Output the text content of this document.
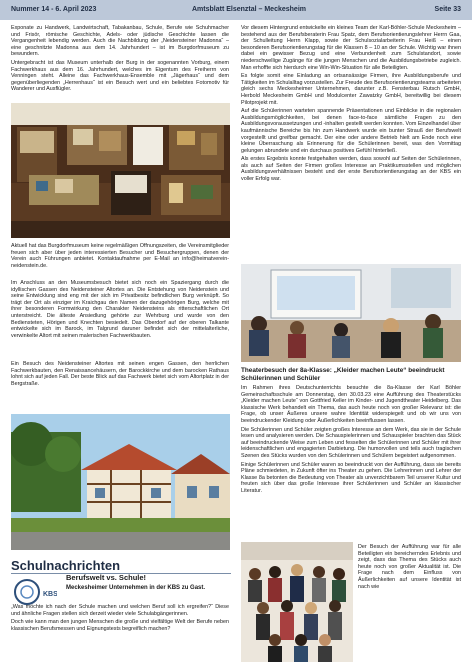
Nummer 14 - 6. April 2023	Amtsblatt Elsenztal – Meckesheim	Seite 33

Exponate zu Handwerk, Landwirtschaft, Tabakanbau, Schule, Berufe wie Schuhmacher und Frisör, römische Geschichte, Adels- oder jüdische Geschichte lassen die Vergangenheit lebendig werden. Auch die Nachbildung der „Neidensteiner Madonna“ – eine geschnitzte Madonna aus dem 14. Jahrhundert – ist im Burgdorfmuseum zu bewundern.

Untergebracht ist das Museum unterhalb der Burg in der sogenannten Vorburg, einem Fachwerkhaus aus dem 16. Jahrhundert, welches im Eigentum des Freiherrn von Venningen steht. Alleine das Fachwerkhaus-Ensemble mit „Jägerhaus“ und dem gegenüberliegenden „Herrenhaus“ ist ein Besuch wert und ein beliebtes Fotomotiv für Wanderer und Ausflügler.

Aktuell hat das Burgdorfmuseum keine regelmäßigen Öffnungszeiten, die Vereinsmitglieder freuen sich aber über jeden interessierten Besucher und Besuchergruppen, denen der Verein auch Führungen anbietet. Kontaktaufnahme per E-Mail an info@heimatverein-neidenstein.de.

Im Anschluss an den Museumsbesuch bietet sich noch ein Spaziergang durch die idyllischen Gassen des Neidensteiner Altortes an. Die Entstehung von Neidenstein und seine Entwicklung sind eng mit der sich im Privatbesitz befindlichen Burg verknüpft. So trägt der Ort als einziger im Kraichgau den Namen der dazugehörigen Burg, welche mit ihrer besonderen Formwirkung den Charakter Neidensteins als ritterschaftlichen Ort unterstreicht. Die älteste Ansiedlung gehörte zur Wehrburg und wurde von den Bediensteten, Hörigen und Knechten besiedelt. Das Oberdorf auf der oberen Talkante entwickelte sich im Barock, im Talgrund daruner befindet sich der mittelalterliche, verwinkelte Altort mit seinen malerischen Fachwerkbauten.

Ein Besuch des Neidensteiner Altortes mit seinen engen Gassen, den herrlichen Fachwerkbauten, den Renaissancehäusern, der Barockkirche und dem barocken Rathaus lohnt sich auf jeden Fall. Der beste Blick auf das Fachwerk bietet sich vom Altortplatz in der Bergstraße.

Schulnachrichten
KBS
Berufswelt vs. Schule!
Meckesheimer Unternehmen in der KBS zu Gast.

„Was möchte ich nach der Schule machen und welchen Beruf soll ich ergreifen?“ Diese und ähnliche Fragen stellen sich derzeit wieder viele Schulabgängerinnen.

Doch wie kann man den jungen Menschen die große und vielfältige Welt der Berufe neben klassischen Berufsmessen und Eignungstests begreiflich machen?

Vor diesem Hintergrund entwickelte ein kleines Team der Karl-Böhler-Schule Meckesheim – bestehend aus der Berufsberaterin Frau Spatz, dem Berufsorientierungslehrer Herrn Gaa, der Schulleitung Herrn Klapp, sowie der Schulsozialarbeiterin Frau Heiß – einen besonderen Berufsorientierungstag für die Klassen 8 – 10 an der Schule. Wichtig war ihnen dabei ein gewisser Bezug und eine Verbundenheit zum Schulstandort, sowie niederschwellige Zugänge für die jungen Menschen und die Ausbildungsbetriebe zugleich. Man erhoffte sich hierdurch eine Win-Win-Situation für alle Beteiligten.

Es folgte somit eine Einladung an ortsansässige Firmen, ihre Ausbildungsberufe und Tätigkeiten im Schulalltag vorzustellen. Zur Freude des Berufsorientierungsteams arbeiteten gleich sechs Meckesheimer Unternehmen, darunter z.B. Fensterbau Rutsch GmbH, Herbold Meckesheim GmbH und Modulcenter Zawatzky GmbH, bereitwillig bei diesem Pilotprojekt mit.

Auf die Schülerinnen warteten spannende Präsentationen und Einblicke in die regionalen Ausbildungsmöglichkeiten, bei denen face-to-face sämtliche Fragen zu den Ausbildungsvoraussetzungen und -inhalten gestellt werden konnten. Vom Einzelhandel über kaufmännische Bereiche bis hin zum Handwerk wurde ein bunter Strauß der Berufswelt vorgestellt und greifbar gemacht. Der eine oder andere Betrieb hielt am Ende noch eine kleine Überraschung als Erinnerung für die Schülerinnen bereit, was den Vormittag gelungen abrundete und ein durchaus positives Gefühl hinterließ.

Als erstes Ergebnis konnte festgehalten werden, dass sowohl auf Seiten der Schülerinnen, als auch auf Seiten der Firmen großes Interesse an Praktikumsstellen und möglichen Ausbildungsverhältnissen besteht und der erste Berufsorientierungstag an der KBS ein voller Erfolg war.

Theaterbesuch der 8a-Klasse: „Kleider machen Leute“ beeindruckt Schülerinnen und Schüler

Im Rahmen ihres Deutschunterrichts besuchte die 8a-Klasse der Karl Böhler Gemeinschaftsschule am Donnerstag, den 30.03.23 eine Aufführung des Theaterstücks „Kleider machen Leute“ von Gottfried Keller im Kinder- und Jugendtheater Heidelberg. Das klassische Werk behandelt ein Thema, das auch heute noch von großer Relevanz ist: die Frage, ob unser Äußeres unsere wahre Identität widerspiegelt und ob wir uns von beeindruckender Kleidung oder Äußerlichkeiten beeinflussen lassen.

Die Schülerinnen und Schüler zeigten großes Interesse an dem Werk, das sie in der Schule lesen und analysieren werden. Die Schauspielerinnen und Schauspieler brachten das Stück auf beeindruckende Weise zum Leben und fesselten die Schülerinnen und Schüler mit ihrer leidenschaftlichen und engagierten Darbietung. Die humorvollen und teils auch tragischen Szenen des Stücks wurden von den Schülerinnen und Schülern begeistert aufgenommen.

Einige Schülerinnen und Schüler waren so beeindruckt von der Aufführung, dass sie bereits Pläne schmiedeten, in Zukunft öfter ins Theater zu gehen. Die Lehrerinnen und Lehrer der Klasse 8a betonten die Bedeutung von Theater als unverzichtbarem Teil unserer Kultur und freuten sich über das große Interesse ihrer Schülerinnen und Schüler an klassischer Literatur.

Der Besuch der Aufführung war für alle Beteiligten ein bereicherndes Erlebnis und zeigt, dass das Thema des Stücks auch heute noch von großer Aktualität ist. Die Frage nach dem Einfluss von Äußerlichkeiten auf unsere Identität ist nach wie
